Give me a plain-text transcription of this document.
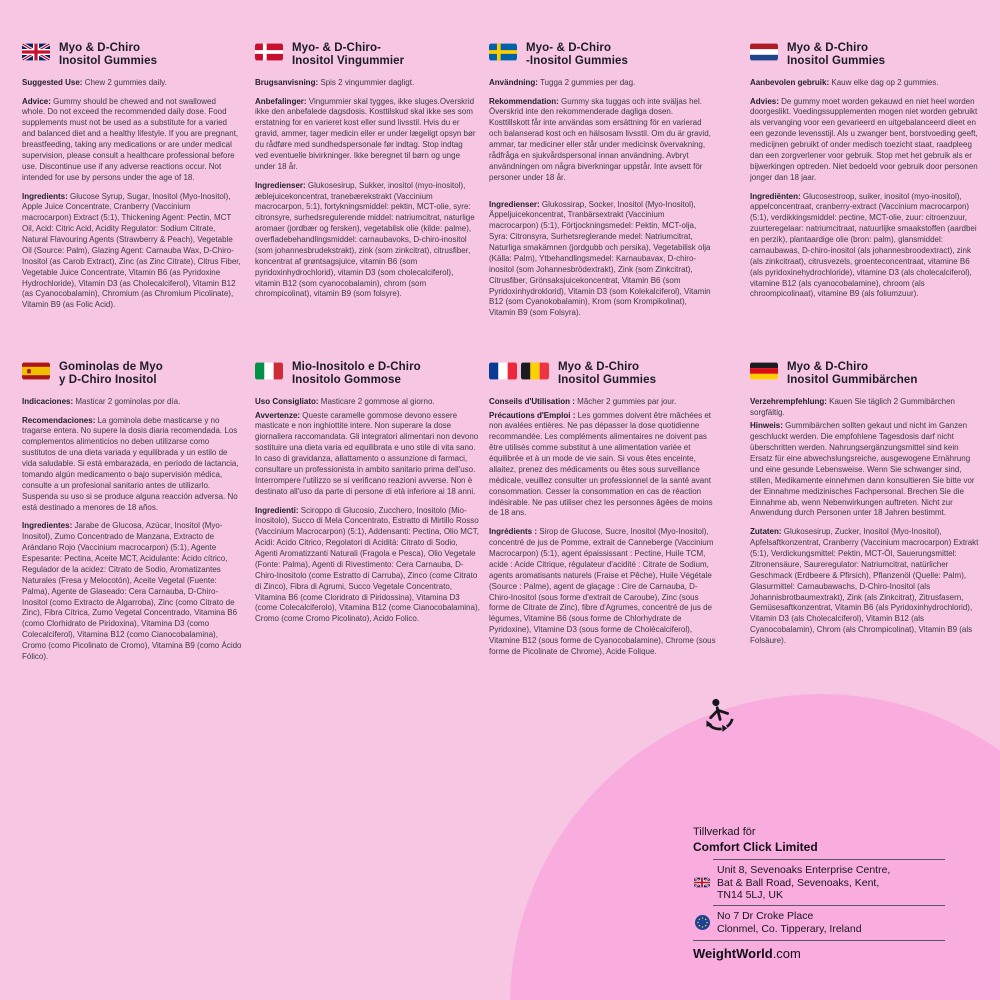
Myo & D-Chiro
Inositol Gummies

Suggested Use: Chew 2 gummies daily.

Advice: Gummy should be chewed and not swallowed whole. Do not exceed the recommended daily dose. Food supplements must not be used as a substitute for a varied and balanced diet and a healthy lifestyle. If you are pregnant, breastfeeding, taking any medications or are under medical supervision, please consult a healthcare professional before use. Discontinue use if any adverse reactions occur. Not intended for use by persons under the age of 18.

Ingredients: Glucose Syrup, Sugar, Inositol (Myo-Inositol), Apple Juice Concentrate, Cranberry (Vaccinium macrocarpon) Extract (5:1), Thickening Agent: Pectin, MCT Oil, Acid: Citric Acid, Acidity Regulator: Sodium Citrate, Natural Flavouring Agents (Strawberry & Peach), Vegetable Oil (Source: Palm), Glazing Agent: Carnauba Wax, D-Chiro-Inositol (as Carob Extract), Zinc (as Zinc Citrate), Citrus Fiber, Vegetable Juice Concentrate, Vitamin B6 (as Pyridoxine Hydrochloride), Vitamin D3 (as Cholecalciferol), Vitamin B12 (as Cyanocobalamin), Chromium (as Chromium Picolinate), Vitamin B9 (as Folic Acid).

Myo- & D-Chiro-
Inositol Vingummier

Brugsanvisning: Spis 2 vingummier dagligt.

Anbefalinger: Vingummier skal tygges, ikke sluges.Overskrid ikke den anbefalede dagsdosis. Kosttilskud skal ikke ses som erstatning for en varieret kost eller sund livsstil. Hvis du er gravid, ammer, tager medicin eller er under lægeligt opsyn bør du rådføre med sundhedspersonale før indtag. Stop indtag ved eventuelle bivirkninger. Ikke beregnet til børn og unge under 18 år.

Ingredienser: Glukosesirup, Sukker, inositol (myo-inositol), æblejuicekoncentrat, tranebærekstrakt (Vaccinium macrocarpon, 5:1), fortykningsmiddel: pektin, MCT-olie, syre: citronsyre, surhedsregulerende middel: natriumcitrat, naturlige aromaer (jordbær og fersken), vegetabilsk olie (kilde: palme), overfladebehandlingsmiddel: carnaubavoks, D-chiro-inositol (som johannesbrudekstrakt), zink (som zinkcitrat), citrusfiber, koncentrat af grøntsagsjuice, vitamin B6 (som pyridoxinhydrochlorid), vitamin D3 (som cholecalciferol), vitamin B12 (som cyanocobalamin), chrom (som chrompicolinat), vitamin B9 (som folsyre).

Myo- & D-Chiro
-Inositol Gummies

Användning: Tugga 2 gummies per dag.

Rekommendation: Gummy ska tuggas och inte sväljas hel. Överskrid inte den rekommenderade dagliga dosen. Kosttillskott får inte användas som ersättning för en varierad och balanserad kost och en hälsosam livsstil. Om du är gravid, ammar, tar mediciner eller står under medicinsk övervakning, rådfråga en sjukvårdspersonal innan användning. Avbryt användningen om några biverkningar uppstår. Inte avsett för personer under 18 år.

Ingredienser: Glukossirap, Socker, Inositol (Myo-Inositol), Äppeljuicekoncentrat, Tranbärsextrakt (Vaccinium macrocarpon) (5:1), Förtjockningsmedel: Pektin, MCT-olja, Syra: Citronsyra, Surhetsreglerande medel: Natriumcitrat, Naturliga smakämnen (jordgubb och persika), Vegetabilisk olja (Källa: Palm), Ytbehandlingsmedel: Karnaubavax, D-chiro-inositol (som Johannesbrödextrakt), Zink (som Zinkcitrat), Citrusfiber, Grönsaksjuicekoncentrat, Vitamin B6 (som Pyridoxinhydroklorid), Vitamin D3 (som Kolekalciferol), Vitamin B12 (som Cyanokobalamin), Krom (som Krompikolinat), Vitamin B9 (som Folsyra).

Myo & D-Chiro
Inositol Gummies

Aanbevolen gebruik: Kauw elke dag op 2 gummies.

Advies: De gummy moet worden gekauwd en niet heel worden doorgeslikt. Voedingssupplementen mogen niet worden gebruikt als vervanging voor een gevarieerd en uitgebalanceerd dieet en een gezonde levensstijl. Als u zwanger bent, borstvoeding geeft, medicijnen gebruikt of onder medisch toezicht staat, raadpleeg dan een zorgverlener voor gebruik. Stop met het gebruik als er bijwerkingen optreden. Niet bedoeld voor gebruik door personen jonger dan 18 jaar.

Ingrediënten: Glucosestroop, suiker, inositol (myo-inositol), appelconcentraat, cranberry-extract (Vaccinium macrocarpon) (5:1), verdikkingsmiddel: pectine, MCT-olie, zuur: citroenzuur, zuurteregelaar: natriumcitraat, natuurlijke smaakstoffen (aardbei en perzik), plantaardige olie (bron: palm), glansmiddel: carnaubawas, D-chiro-inositol (als johannesbroodextract), zink (als zinkcitraat), citrusvezels, groenteconcentraat, vitamine B6 (als pyridoxinehydrochloride), vitamine D3 (als cholecalciferol), vitamine B12 (als cyanocobalamine), chroom (als chroompicolinaat), vitamine B9 (als foliumzuur).

Gominolas de Myo
y D-Chiro Inositol

Indicaciones: Masticar 2 gominolas por día.

Recomendaciones: La gominola debe masticarse y no tragarse entera. No supere la dosis diaria recomendada. Los complementos alimenticios no deben utilizarse como sustitutos de una dieta variada y equilibrada y un estilo de vida saludable. Si está embarazada, en período de lactancia, tomando algún medicamento o bajo supervisión médica, consulte a un profesional sanitario antes de utilizarlo. Suspenda su uso si se produce alguna reacción adversa. No está destinado a menores de 18 años.

Ingredientes: Jarabe de Glucosa, Azúcar, Inositol (Myo-Inositol), Zumo Concentrado de Manzana, Extracto de Arándano Rojo (Vaccinium macrocarpon) (5:1), Agente Espesante: Pectina, Aceite MCT, Acidulante: Ácido cítrico, Regulador de la acidez: Citrato de Sodio, Aromatizantes Naturales (Fresa y Melocotón), Aceite Vegetal (Fuente: Palma), Agente de Glaseado: Cera Carnauba, D-Chiro-Inositol (como Extracto de Algarroba), Zinc (como Citrato de Zinc), Fibra Cítrica, Zumo Vegetal Concentrado, Vitamina B6 (como Clorhidrato de Piridoxina), Vitamina D3 (como Colecalciferol), Vitamina B12 (como Cianocobalamina), Cromo (como Picolinato de Cromo), Vitamina B9 (como Ácido Fólico).

Mio-Inositolo e D-Chiro
Inositolo Gommose

Uso Consigliato: Masticare 2 gommose al giorno.

Avvertenze: Queste caramelle gommose devono essere masticate e non inghiottite intere. Non superare la dose giornaliera raccomandata. Gli integratori alimentari non devono sostituire una dieta varia ed equilibrata e uno stile di vita sano. In caso di gravidanza, allattamento o assunzione di farmaci, consultare un professionista in ambito sanitario prima dell'uso. Interrompere l'utilizzo se si verificano reazioni avverse. Non è destinato all'uso da parte di persone di età inferiore ai 18 anni.

Ingredienti: Sciroppo di Glucosio, Zucchero, Inositolo (Mio-Inositolo), Succo di Mela Concentrato, Estratto di Mirtillo Rosso (Vaccinium Macrocarpon) (5:1), Addensanti: Pectina, Olio MCT, Acidi: Acido Citrico, Regolatori di Acidità: Citrato di Sodio, Agenti Aromatizzanti Naturali (Fragola e Pesca), Olio Vegetale (Fonte: Palma), Agenti di Rivestimento: Cera Carnauba, D-Chiro-Inositolo (come Estratto di Carruba), Zinco (come Citrato di Zinco), Fibra di Agrumi, Succo Vegetale Concentrato, Vitamina B6 (come Cloridrato di Piridossina), Vitamina D3 (come Colecalciferolo), Vitamina B12 (come Cianocobalamina), Cromo (come Cromo Picolinato), Acido Folico.

Myo & D-Chiro
Inositol Gummies

Conseils d'Utilisation : Mâcher 2 gummies par jour.

Précautions d'Emploi : Les gommes doivent être mâchées et non avalées entières. Ne pas dépasser la dose quotidienne recommandée. Les compléments alimentaires ne doivent pas être utilisés comme substitut à une alimentation variée et équilibrée et à un mode de vie sain. Si vous êtes enceinte, allaitez, prenez des médicaments ou êtes sous surveillance médicale, veuillez consulter un professionnel de la santé avant consommation. Cesser la consommation en cas de réaction indésirable. Ne pas utiliser chez les personnes âgées de moins de 18 ans.

Ingrédients : Sirop de Glucose, Sucre, Inositol (Myo-Inositol), concentré de jus de Pomme, extrait de Canneberge (Vaccinium Macrocarpon) (5:1), agent épaississant : Pectine, Huile TCM, acide : Acide Citrique, régulateur d'acidité : Citrate de Sodium, agents aromatisants naturels (Fraise et Pêche), Huile Végétale (Source : Palme), agent de glaçage : Cire de Carnauba, D-Chiro-Inositol (sous forme d'extrait de Caroube), Zinc (sous forme de Citrate de Zinc), fibre d'Agrumes, concentré de jus de légumes, Vitamine B6 (sous forme de Chlorhydrate de Pyridoxine), Vitamine D3 (sous forme de Cholécalciferol), Vitamine B12 (sous forme de Cyanocobalamine), Chrome (sous forme de Picolinate de Chrome), Acide Folique.

Myo & D-Chiro
Inositol Gummibärchen

Verzehrempfehlung: Kauen Sie täglich 2 Gummibärchen sorgfältig.

Hinweis: Gummibärchen sollten gekaut und nicht im Ganzen geschluckt werden. Die empfohlene Tagesdosis darf nicht überschritten werden. Nahrungsergänzungsmittel sind kein Ersatz für eine abwechslungsreiche, ausgewogene Ernährung und eine gesunde Lebensweise. Wenn Sie schwanger sind, stillen, Medikamente einnehmen dann konsultieren Sie bitte vor der Einnahme medizinisches Fachpersonal. Brechen Sie die Einnahme ab, wenn Nebenwirkungen auftreten. Nicht zur Anwendung durch Personen unter 18 Jahren bestimmt.

Zutaten: Glukosesirup, Zucker, Inositol (Myo-Inositol), Apfelsaftkonzentrat, Cranberry (Vaccinium macrocarpon) Extrakt (5:1), Verdickungsmittel: Pektin, MCT-Öl, Sauerungsmittel: Zitronensäure, Saureregulator: Natriumcitrat, natürlicher Geschmack (Erdbeere & Pfirsich), Pflanzenöl (Quelle: Palm), Glasurmittel: Carnaubawachs, D-Chiro-Inositol (als Johannisbrotbaumextrakt), Zink (als Zinkcitrat), Zitrusfasern, Gemüsesaftkonzentrat, Vitamin B6 (als Pyridoxinhydrochlorid), Vitamin D3 (als Cholecalciferol), Vitamin B12 (als Cyanocobalamin), Chrom (als Chrompicolinat), Vitamin B9 (als Folsäure).

Tillverkad för
Comfort Click Limited
Unit 8, Sevenoaks Enterprise Centre,
Bat & Ball Road, Sevenoaks, Kent,
TN14 5LJ, UK
No 7 Dr Croke Place
Clonmel, Co. Tipperary, Ireland
WeightWorld.com
